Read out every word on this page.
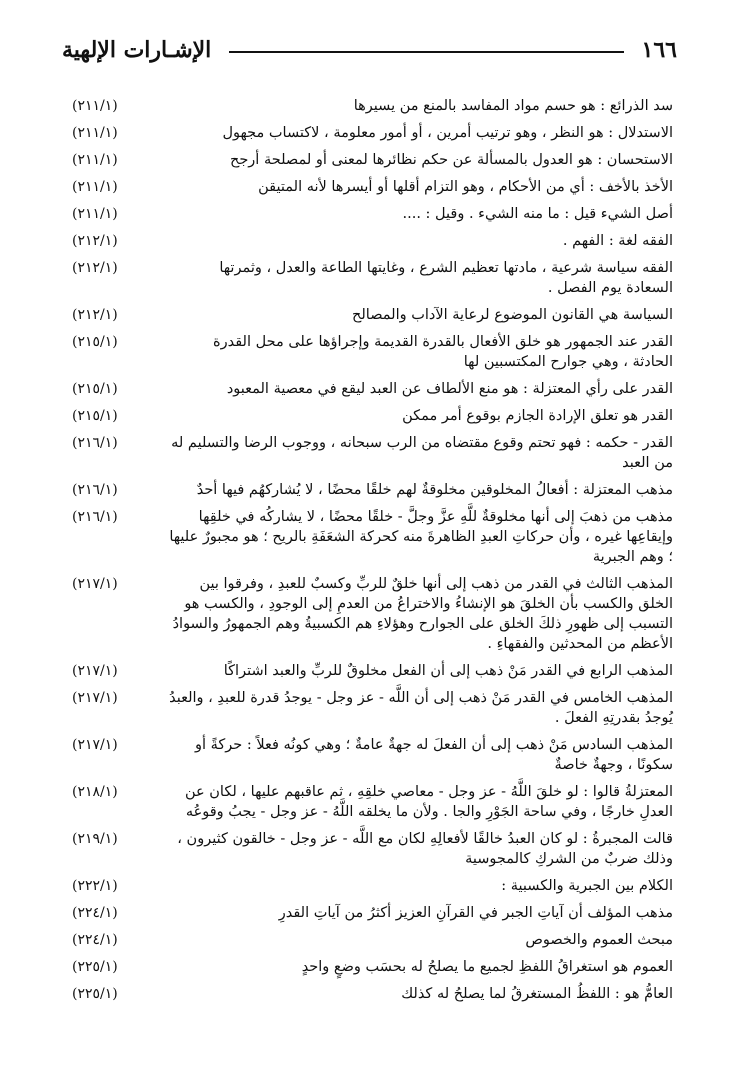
١٦٦
الإشـارات الإلهية
سد الذرائع : هو حسم مواد المفاسد بالمنع من يسيرها
(٢١١/١)
الاستدلال : هو النظر ، وهو ترتيب أمرين ، أو أمور معلومة ، لاكتساب مجهول
(٢١١/١)
الاستحسان : هو العدول بالمسألة عن حكم نظائرها لمعنى أو لمصلحة أرجح
(٢١١/١)
الأخذ بالأخف : أي من الأحكام ، وهو التزام أقلها أو أيسرها لأنه المتيقن
(٢١١/١)
أصل الشيء قيل : ما منه الشيء . وقيل : ....
(٢١١/١)
الفقه لغة : الفهم .
(٢١٢/١)
الفقه سياسة شرعية ، مادتها تعظيم الشرع ، وغايتها الطاعة والعدل ، وثمرتها السعادة يوم الفصل .
(٢١٢/١)
السياسة هي القانون الموضوع لرعاية الآداب والمصالح
(٢١٢/١)
القدر عند الجمهور هو خلق الأفعال بالقدرة القديمة وإجراؤها على محل القدرة الحادثة ، وهي جوارح المكتسبين لها
(٢١٥/١)
القدر على رأي المعتزلة : هو منع الألطاف عن العبد ليقع في معصية المعبود
(٢١٥/١)
القدر هو تعلق الإرادة الجازم بوقوع أمر ممكن
(٢١٥/١)
القدر - حكمه : فهو تحتم وقوع مقتضاه من الرب سبحانه ، ووجوب الرضا والتسليم له من العبد
(٢١٦/١)
مذهب المعتزلة : أفعالُ المخلوقين مخلوقةٌ لهم خلقًا محضًا ، لا يُشاركهُم فيها أحدٌ
(٢١٦/١)
مذهب من ذهبَ إلى أنها مخلوقةٌ للَّهِ عزَّ وجلَّ - خلقًا محضًا ، لا يشاركُه في خلقِها وإيقاعِها غيره ، وأن حركاتِ العبدِ الظاهرةَ منه كحركة الشعَفَةِ بالريح ؛ هو مجبورٌ عليها ؛ وهم الجبرية
(٢١٦/١)
المذهب الثالث في القدر من ذهب إلى أنها خلقٌ للربِّ وكسبٌ للعبدِ ، وفرقوا بين الخلق والكسب بأن الخلقَ هو الإنشاءُ والاختراعُ من العدمِ إلى الوجودِ ، والكسب هو التسبب إلى ظهورِ ذلكَ الخلق على الجوارح وهؤلاءِ هم الكسبيةُ وهم الجمهورُ والسوادُ الأعظم من المحدثين والفقهاءِ .
(٢١٧/١)
المذهب الرابع في القدر مَنْ ذهب إلى أن الفعل مخلوقٌ للربِّ والعبد اشتراكًا
(٢١٧/١)
المذهب الخامس في القدر مَنْ ذهب إلى أن اللَّه - عز وجل - يوجدُ قدرة للعبدِ ، والعبدُ يُوجدُ بقدرتِهِ الفعلَ .
(٢١٧/١)
المذهب السادس مَنْ ذهب إلى أن الفعلَ له جهةٌ عامةٌ ؛ وهي كونُه فعلاً : حركةً أو سكونًا ، وجهةٌ خاصةٌ
(٢١٧/١)
المعتزلةُ قالوا : لو خلقَ اللَّهُ - عز وجل - معاصي خلقِهِ ، ثم عاقبهم عليها ، لكان عن العدلِ خارجًا ، وفي ساحة الجَوْرِ والجا . ولأن ما يخلقه اللَّهُ - عز وجل - يجبُ وقوعُه
(٢١٨/١)
قالت المجبرةُ : لو كان العبدُ خالقًا لأفعالِهِ لكان مع اللَّه - عز وجل - خالقون كثيرون ، وذلك ضربٌ من الشركِ كالمجوسية
(٢١٩/١)
الكلام بين الجبرية والكسبية :
(٢٢٢/١)
مذهب المؤلف أن آياتِ الجبر في القرآنِ العزيز أكثرُ من آياتِ القدرِ
(٢٢٤/١)
مبحث العموم والخصوص
(٢٢٤/١)
العموم هو استغراقُ اللفظِ لجميع ما يصلحُ له بحسَب وضعٍ واحدٍ
(٢٢٥/١)
العامُّ هو : اللفظُ المستغرقُ لما يصلحُ له كذلك
(٢٢٥/١)
